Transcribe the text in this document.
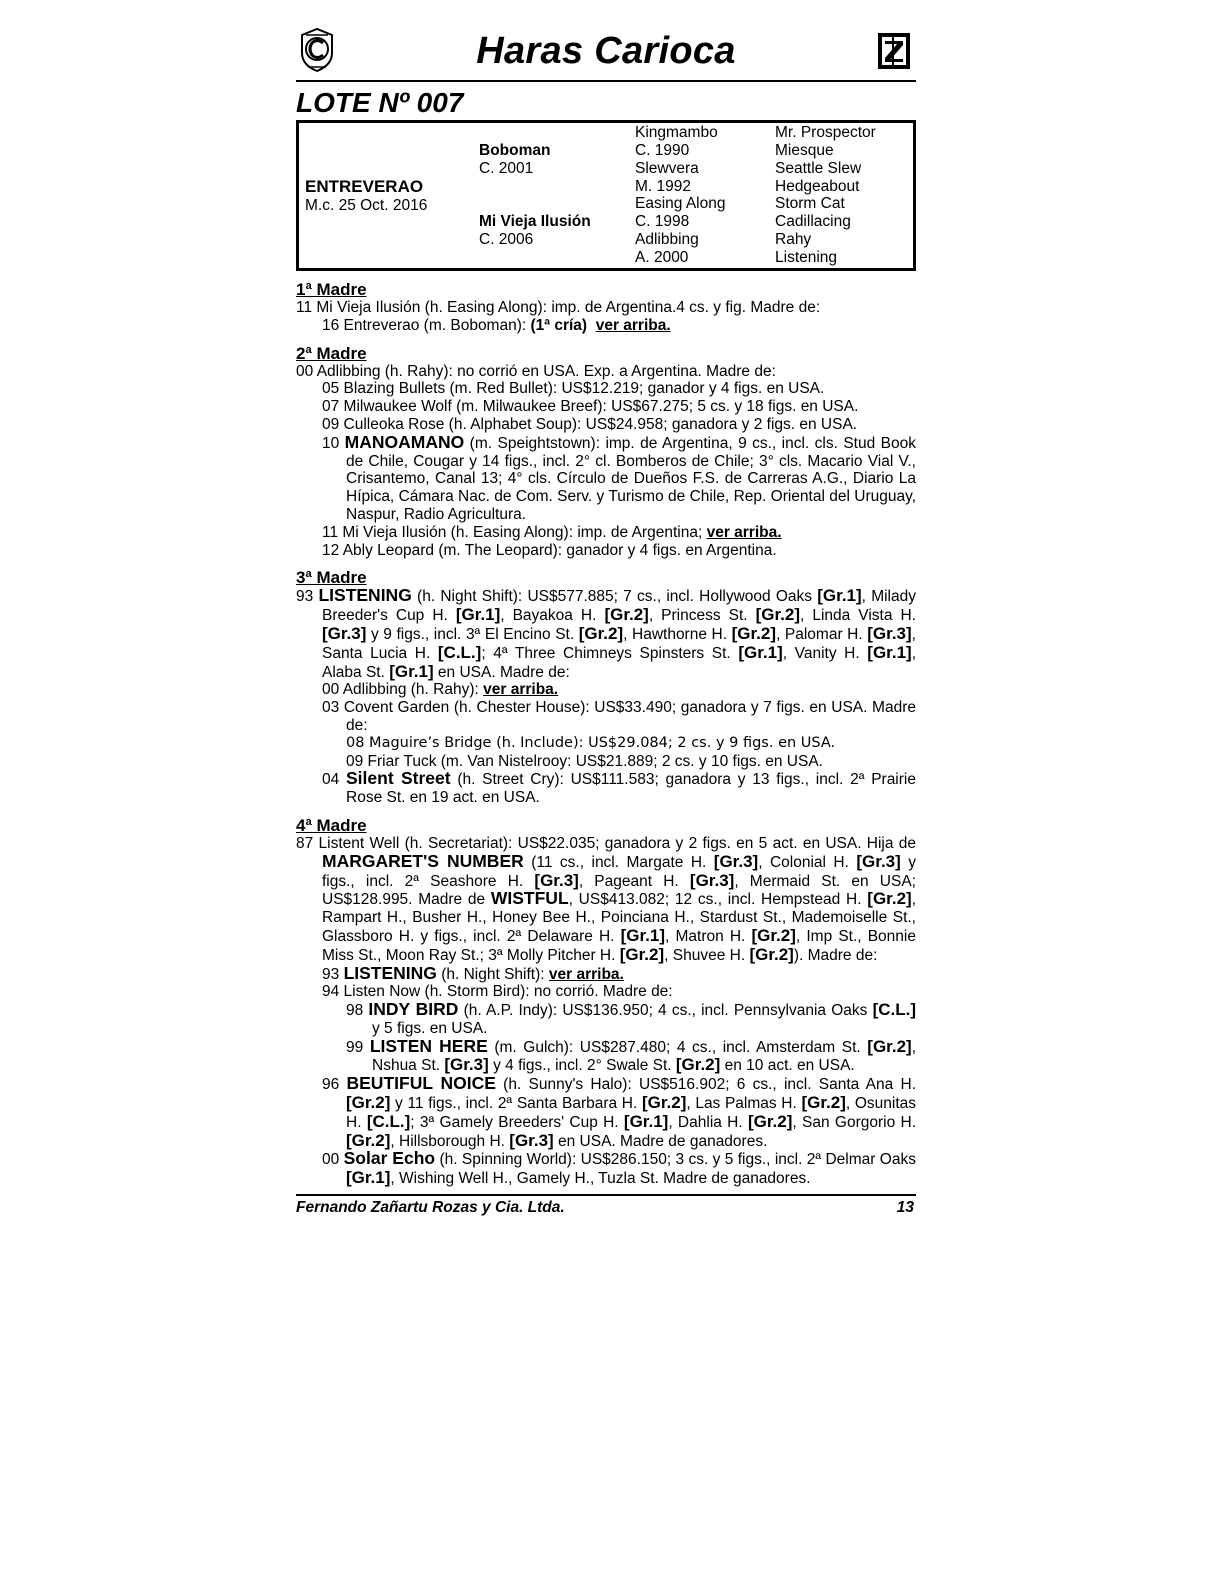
Haras Carioca
LOTE Nº 007
ENTREVERAO
M.c. 25 Oct. 2016
Boboman
C. 2001
Mi Vieja Ilusión
C. 2006
Kingmambo
C. 1990
Slewvera
M. 1992
Easing Along
C. 1998
Adlibbing
A. 2000
Mr. Prospector
Miesque
Seattle Slew
Hedgeabout
Storm Cat
Cadillacing
Rahy
Listening
1ª Madre
11 Mi Vieja Ilusión (h. Easing Along): imp. de Argentina.4 cs. y fig. Madre de:
16 Entreverao (m. Boboman): (1ª cría) ver arriba.
2ª Madre
00 Adlibbing (h. Rahy): no corrió en USA. Exp. a Argentina. Madre de:
05 Blazing Bullets (m. Red Bullet): US$12.219; ganador y 4 figs. en USA.
07 Milwaukee Wolf (m. Milwaukee Breef): US$67.275; 5 cs. y 18 figs. en USA.
09 Culleoka Rose (h. Alphabet Soup): US$24.958; ganadora y 2 figs. en USA.
10 MANOAMANO (m. Speightstown): imp. de Argentina, 9 cs., incl. cls. Stud Book de Chile, Cougar y 14 figs., incl. 2° cl. Bomberos de Chile; 3° cls. Macario Vial V., Crisantemo, Canal 13; 4° cls. Círculo de Dueños F.S. de Carreras A.G., Diario La Hípica, Cámara Nac. de Com. Serv. y Turismo de Chile, Rep. Oriental del Uruguay, Naspur, Radio Agricultura.
11 Mi Vieja Ilusión (h. Easing Along): imp. de Argentina; ver arriba.
12 Ably Leopard (m. The Leopard): ganador y 4 figs. en Argentina.
3ª Madre
93 LISTENING (h. Night Shift): US$577.885; 7 cs., incl. Hollywood Oaks [Gr.1], Milady Breeder's Cup H. [Gr.1], Bayakoa H. [Gr.2], Princess St. [Gr.2], Linda Vista H. [Gr.3] y 9 figs., incl. 3ª El Encino St. [Gr.2], Hawthorne H. [Gr.2], Palomar H. [Gr.3], Santa Lucia H. [C.L.]; 4ª Three Chimneys Spinsters St. [Gr.1], Vanity H. [Gr.1], Alaba St. [Gr.1] en USA. Madre de:
00 Adlibbing (h. Rahy): ver arriba.
03 Covent Garden (h. Chester House): US$33.490; ganadora y 7 figs. en USA. Madre de:
08 Maguire’s Bridge (h. Include): US$29.084; 2 cs. y 9 figs. en USA.
09 Friar Tuck (m. Van Nistelrooy: US$21.889; 2 cs. y 10 figs. en USA.
04 Silent Street (h. Street Cry): US$111.583; ganadora y 13 figs., incl. 2ª Prairie Rose St. en 19 act. en USA.
4ª Madre
87 Listent Well (h. Secretariat): US$22.035; ganadora y 2 figs. en 5 act. en USA. Hija de MARGARET'S NUMBER (11 cs., incl. Margate H. [Gr.3], Colonial H. [Gr.3] y figs., incl. 2ª Seashore H. [Gr.3], Pageant H. [Gr.3], Mermaid St. en USA; US$128.995. Madre de WISTFUL, US$413.082; 12 cs., incl. Hempstead H. [Gr.2], Rampart H., Busher H., Honey Bee H., Poinciana H., Stardust St., Mademoiselle St., Glassboro H. y figs., incl. 2ª Delaware H. [Gr.1], Matron H. [Gr.2], Imp St., Bonnie Miss St., Moon Ray St.; 3ª Molly Pitcher H. [Gr.2], Shuvee H. [Gr.2]). Madre de:
93 LISTENING (h. Night Shift): ver arriba.
94 Listen Now (h. Storm Bird): no corrió. Madre de:
98 INDY BIRD (h. A.P. Indy): US$136.950; 4 cs., incl. Pennsylvania Oaks [C.L.] y 5 figs. en USA.
99 LISTEN HERE (m. Gulch): US$287.480; 4 cs., incl. Amsterdam St. [Gr.2], Nshua St. [Gr.3] y 4 figs., incl. 2° Swale St. [Gr.2] en 10 act. en USA.
96 BEUTIFUL NOICE (h. Sunny's Halo): US$516.902; 6 cs., incl. Santa Ana H. [Gr.2] y 11 figs., incl. 2ª Santa Barbara H. [Gr.2], Las Palmas H. [Gr.2], Osunitas H. [C.L.]; 3ª Gamely Breeders' Cup H. [Gr.1], Dahlia H. [Gr.2], San Gorgorio H. [Gr.2], Hillsborough H. [Gr.3] en USA. Madre de ganadores.
00 Solar Echo (h. Spinning World): US$286.150; 3 cs. y 5 figs., incl. 2ª Delmar Oaks [Gr.1], Wishing Well H., Gamely H., Tuzla St. Madre de ganadores.
Fernando Zañartu Rozas y Cia. Ltda.	13
